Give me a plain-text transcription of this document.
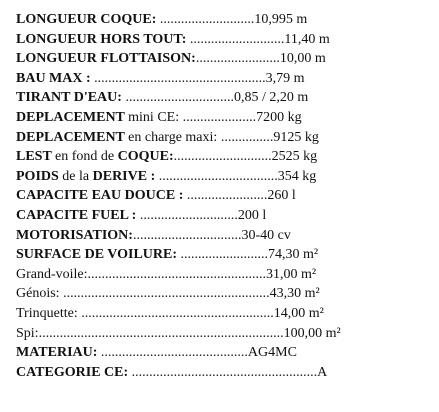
LONGUEUR COQUE: ...........................10,995 m
LONGUEUR HORS TOUT: ...........................11,40 m
LONGUEUR FLOTTAISON:........................10,00 m
BAU MAX : .................................................3,79 m
TIRANT D'EAU: ...............................0,85 / 2,20 m
DEPLACEMENT mini CE: .....................7200 kg
DEPLACEMENT en charge maxi: ...............9125 kg
LEST en fond de COQUE:............................2525 kg
POIDS de la DERIVE : ..................................354 kg
CAPACITE EAU DOUCE : .......................260 l
CAPACITE FUEL : ............................200 l
MOTORISATION:...............................30-40 cv
SURFACE DE VOILURE: .........................74,30 m²
Grand-voile:...................................................31,00 m²
Génois: ...........................................................43,30 m²
Trinquette: .......................................................14,00 m²
Spi:......................................................................100,00 m²
MATERIAU: ..........................................AG4MC
CATEGORIE CE: .....................................................A
